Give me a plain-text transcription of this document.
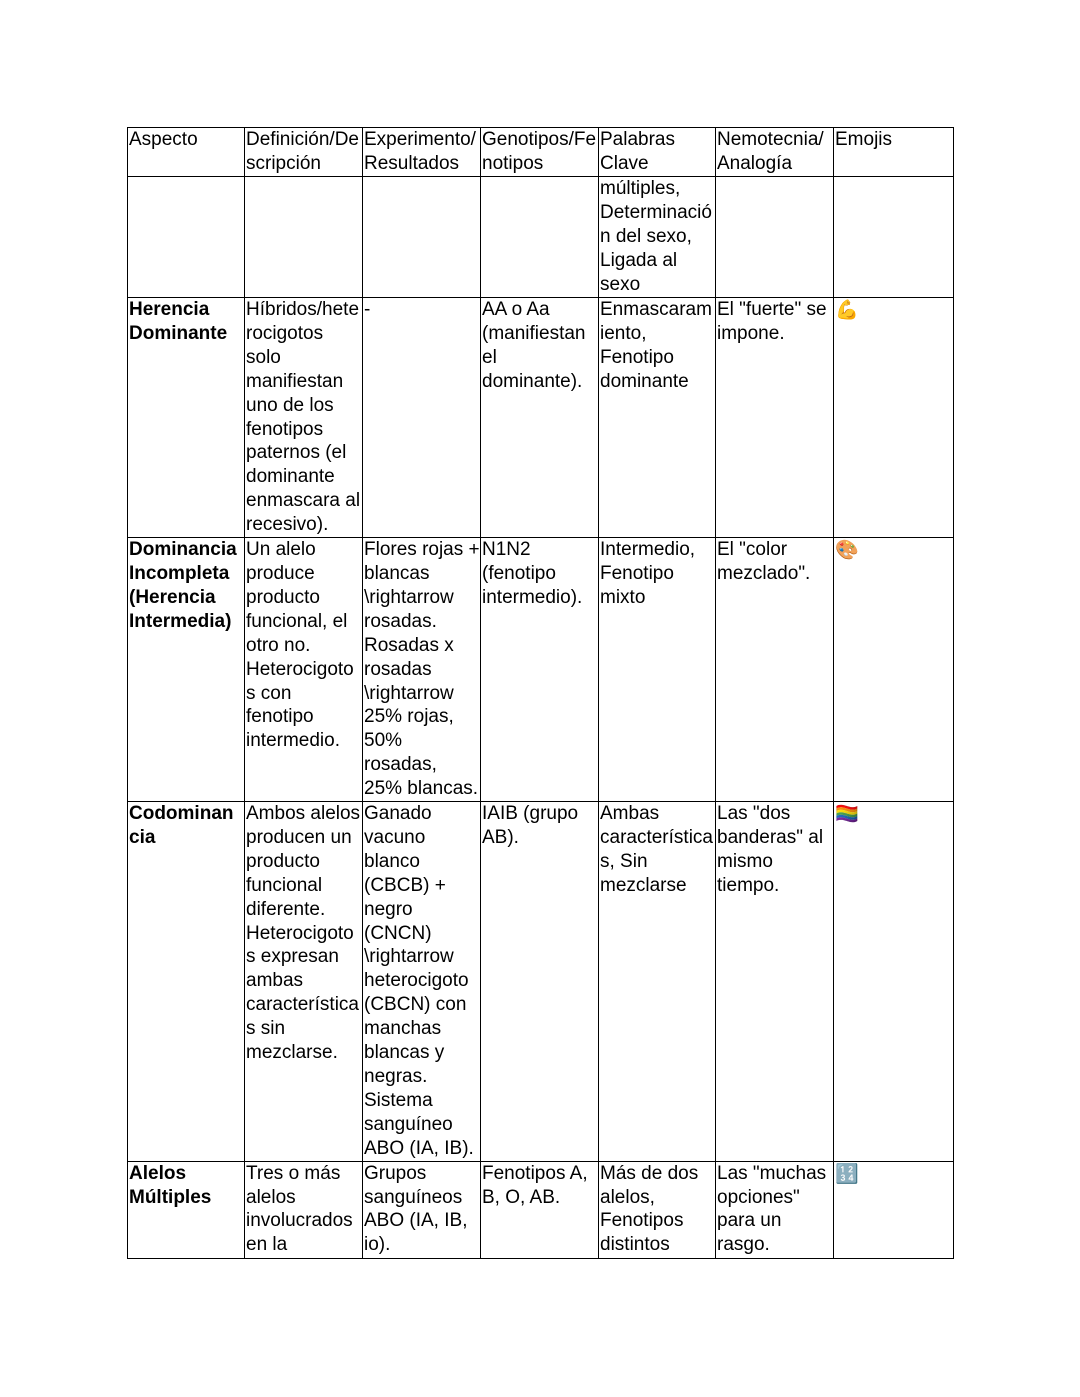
Aspecto	Definición/Descripción	Experimento/Resultados	Genotipos/Fenotipos	Palabras Clave	Nemotecnia/Analogía	Emojis
				múltiples, Determinación del sexo, Ligada al sexo		
Herencia Dominante	Híbridos/heterocigotos solo manifiestan uno de los fenotipos paternos (el dominante enmascara al recesivo).	-	AA o Aa (manifiestan el dominante).	Enmascaramiento, Fenotipo dominante	El "fuerte" se impone.	💪
Dominancia Incompleta (Herencia Intermedia)	Un alelo produce producto funcional, el otro no. Heterocigotos con fenotipo intermedio.	Flores rojas + blancas \rightarrow rosadas. Rosadas x rosadas \rightarrow 25% rojas, 50% rosadas, 25% blancas.	N1N2 (fenotipo intermedio).	Intermedio, Fenotipo mixto	El "color mezclado".	🎨
Codominancia	Ambos alelos producen un producto funcional diferente. Heterocigotos expresan ambas características sin mezclarse.	Ganado vacuno blanco (CBCB) + negro (CNCN) \rightarrow heterocigoto (CBCN) con manchas blancas y negras. Sistema sanguíneo ABO (IA, IB).	IAIB (grupo AB).	Ambas características, Sin mezclarse	Las "dos banderas" al mismo tiempo.	🏳️‍🌈
Alelos Múltiples	Tres o más alelos involucrados en la	Grupos sanguíneos ABO (IA, IB, io).	Fenotipos A, B, O, AB.	Más de dos alelos, Fenotipos distintos	Las "muchas opciones" para un rasgo.	🔢
